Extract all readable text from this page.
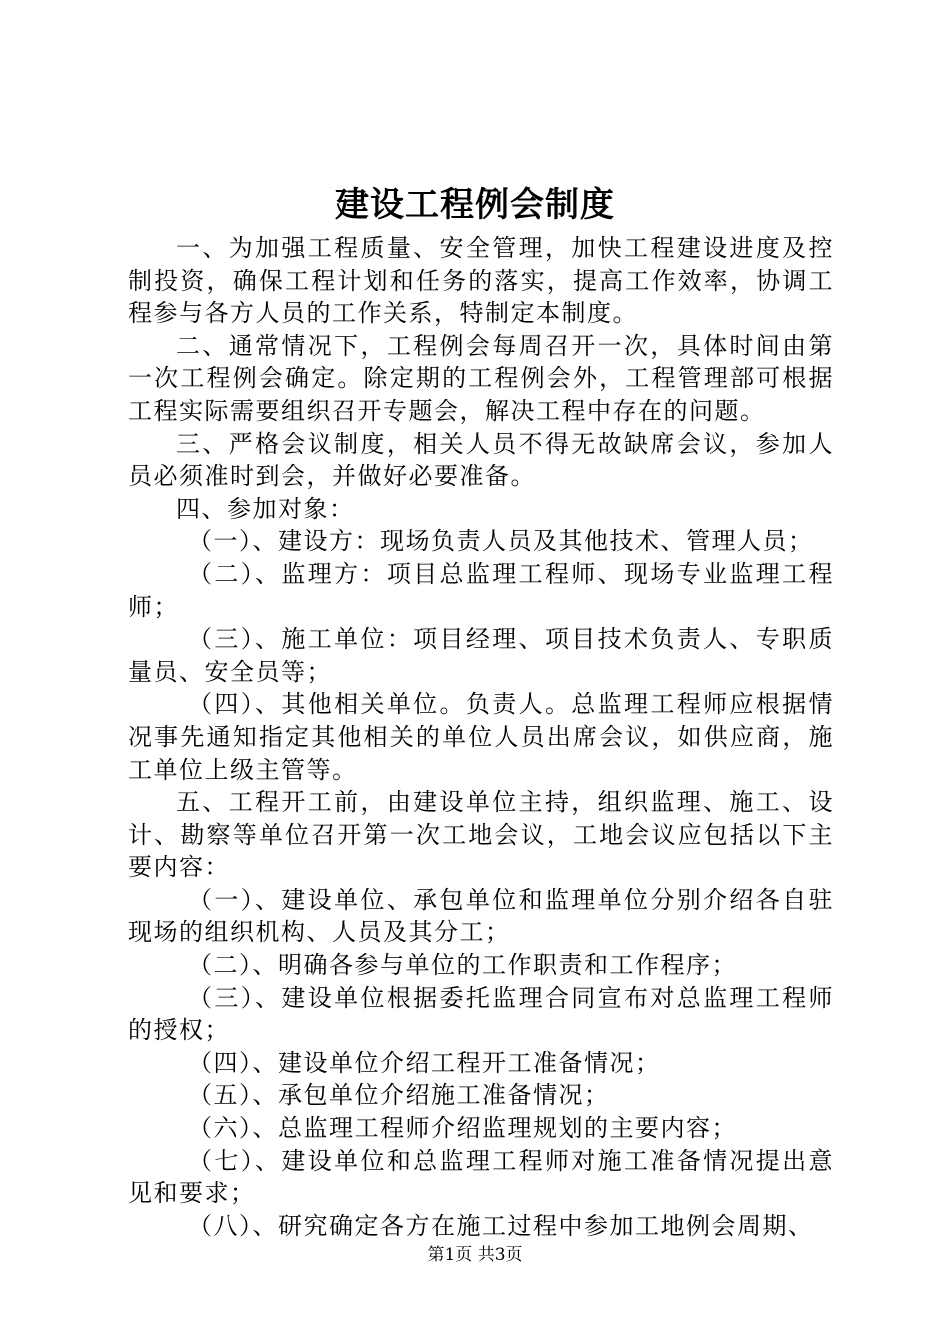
建设工程例会制度

一、为加强工程质量、安全管理，加快工程建设进度及控制投资，确保工程计划和任务的落实，提高工作效率，协调工程参与各方人员的工作关系，特制定本制度。

二、通常情况下，工程例会每周召开一次，具体时间由第一次工程例会确定。除定期的工程例会外，工程管理部可根据工程实际需要组织召开专题会，解决工程中存在的问题。

三、严格会议制度，相关人员不得无故缺席会议，参加人员必须准时到会，并做好必要准备。

四、参加对象：

（一）、建设方：现场负责人员及其他技术、管理人员；

（二）、监理方：项目总监理工程师、现场专业监理工程师；

（三）、施工单位：项目经理、项目技术负责人、专职质量员、安全员等；

（四）、其他相关单位。负责人。总监理工程师应根据情况事先通知指定其他相关的单位人员出席会议，如供应商，施工单位上级主管等。

五、工程开工前，由建设单位主持，组织监理、施工、设计、勘察等单位召开第一次工地会议，工地会议应包括以下主要内容：

（一）、建设单位、承包单位和监理单位分别介绍各自驻现场的组织机构、人员及其分工；

（二）、明确各参与单位的工作职责和工作程序；

（三）、建设单位根据委托监理合同宣布对总监理工程师的授权；

（四）、建设单位介绍工程开工准备情况；

（五）、承包单位介绍施工准备情况；

（六）、总监理工程师介绍监理规划的主要内容；

（七）、建设单位和总监理工程师对施工准备情况提出意见和要求；

（八）、研究确定各方在施工过程中参加工地例会周期、

第1页 共3页
